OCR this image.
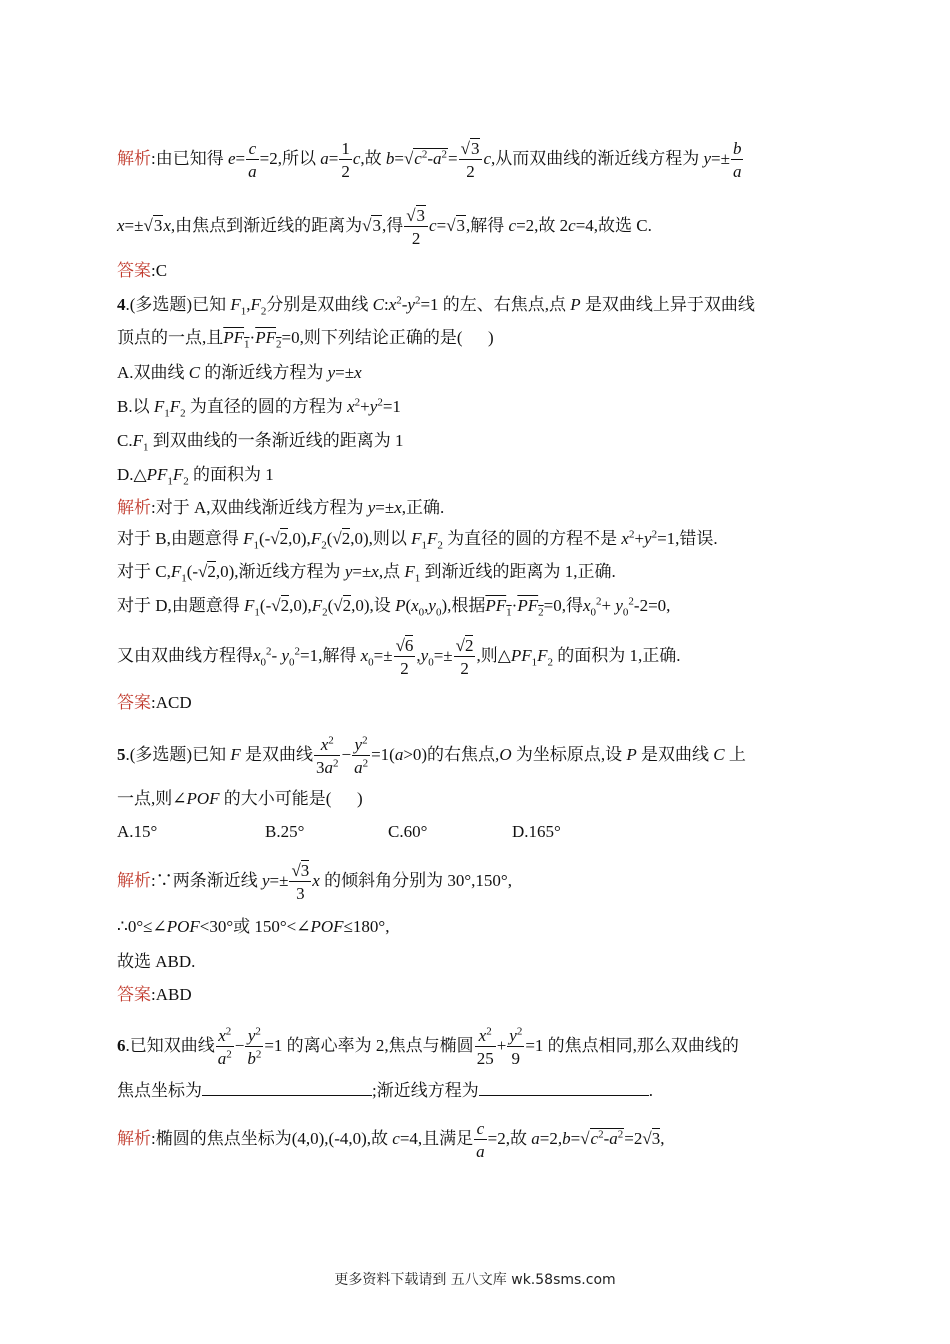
解析:由已知得 $e= \frac{c}{a} =2$,所以 $a= \frac{1}{2} c$,故 $b=√c^2-a^2= \frac{√3}{2} c$,从而双曲线的渐近线方程为 $y=\pm \frac{b}{a}$
x=±√3x,由焦点到渐近线的距离为√3,得 $\frac{√3}{2} c=√3$,解得 c=2,故 2c=4,故选 C.
答案:C
4.(多选题)已知 $F_1,F_2$分别是双曲线 $C:x^2-y^2=1$ 的左、右焦点,点 P 是双曲线上异于双曲线
顶点的一点,且$PF_1\cdot PF_2=0$,则下列结论正确的是(      )
A.双曲线 C 的渐近线方程为 y=±x
B.以 $F_1F_2$ 为直径的圆的方程为 $x^2+y^2=1$
$C.F_1$ 到双曲线的一条渐近线的距离为 1
$D.\triangle PF_1F_2$ 的面积为 1
解析:对于 A,双曲线渐近线方程为 y=±x,正确.
对于 B,由题意得 $F_1(-√2,0),F_2(√2,0)$,则以 $F_1F_2$ 为直径的圆的方程不是 $x^2+y^2=1$,错误.
对于 $C,F_1(-√2,0)$,渐近线方程为 y=±x,点 $F_1$ 到渐近线的距离为 1,正确.
对于 D,由题意得 $F_1(-√2,0),F_2(√2,0)$,设 $P(x_0,y_0)$,根据$PF_1\cdot PF_2=0$,得$x_0^2+ y_0^2-2=0$,
又由双曲线方程得$x_0^2-$ $y_0^2=1$,解得 $x_0=\pm \frac{√6}{2} ,y_0=\pm \frac{√2}{2}$ ,则$\triangle PF_1F_2$ 的面积为 1,正确.
答案:ACD
5.(多选题)已知 F 是双曲线 $\frac{x^2}{3a^2} - \frac{y^2}{a^2} =1(a>0)$的右焦点,O 为坐标原点,设 P 是双曲线 C 上
一点,则∠POF 的大小可能是(      )
A.15°	B.25°	C.60°	D.165°
解析:∵两条渐近线 $y=\pm \frac{√3}{3}$ x 的倾斜角分别为 30°,150°,
∴0°≤∠POF<30°或 150°<∠POF≤180°,
故选 ABD.
答案:ABD
6.已知双曲线 $\frac{x^2}{a^2} - \frac{y^2}{b^2} =1$ 的离心率为 2,焦点与椭圆 $\frac{x^2}{25} + \frac{y^2}{9} =1$ 的焦点相同,那么双曲线的
焦点坐标为	;渐近线方程为	.
解析:椭圆的焦点坐标为(4,0),(-4,0),故 c=4,且满足 $\frac{c}{a} =2$,故 $a=2,b=√c^2-a^2=2√3$,
更多资料下载请到 五八文库 wk.58sms.com
